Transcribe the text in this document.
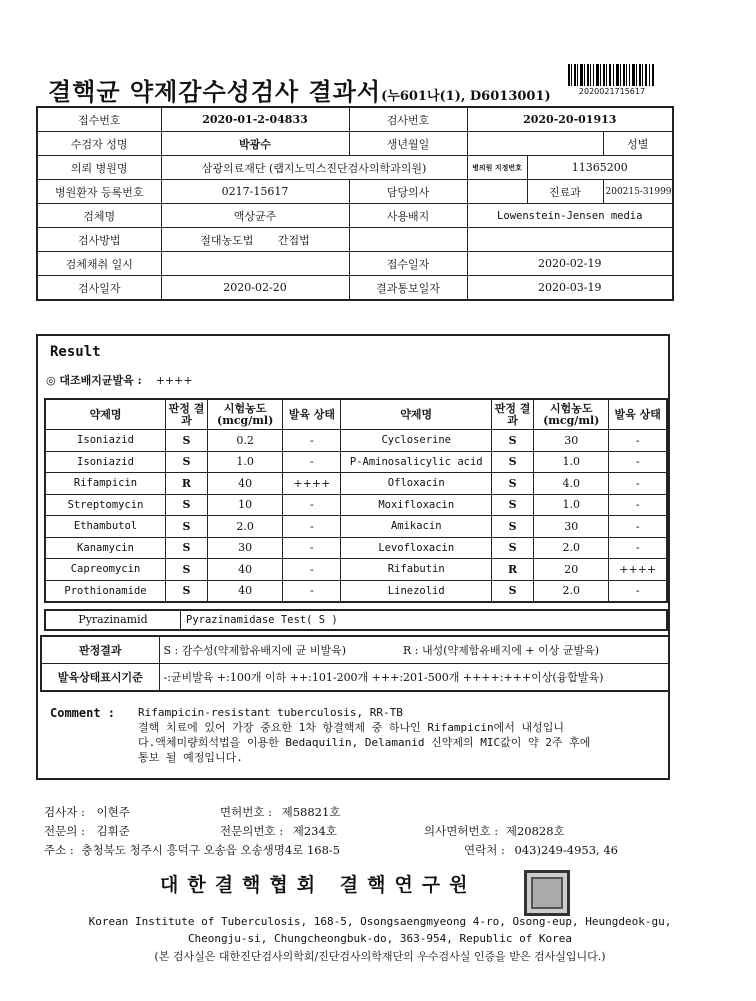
결핵균 약제감수성검사 결과서(누601나(1), D6013001)	2020021715617
접수번호	2020-01-2-04833	검사번호	2020-20-01913		
수검자 성명	박광수	생년월일			성별
의뢰 병원명	삼광의료재단 (랩지노믹스진단검사의학과의원)		병의원 지정번호	11365200	
병원환자 등록번호	0217-15617	담당의사		진료과	200215-31999
검체명	액상균주	사용배지	Lowenstein-Jensen media		
검사방법	절대농도법 간접법				
검체채취 일시		접수일자	2020-02-19		
검사일자	2020-02-20	결과통보일자	2020-03-19		
Result
◎ 대조배지균발육 : ++++
약제명	판정 결과	시험농도 (mcg/ml)	발육 상태	약제명	판정 결과	시험농도 (mcg/ml)	발육 상태
Isoniazid	S	0.2	-	Cycloserine	S	30	-
Isoniazid	S	1.0	-	P-Aminosalicylic acid	S	1.0	-
Rifampicin	R	40	++++	Ofloxacin	S	4.0	-
Streptomycin	S	10	-	Moxifloxacin	S	1.0	-
Ethambutol	S	2.0	-	Amikacin	S	30	-
Kanamycin	S	30	-	Levofloxacin	S	2.0	-
Capreomycin	S	40	-	Rifabutin	R	20	++++
Prothionamide	S	40	-	Linezolid	S	2.0	-
Pyrazinamid	Pyrazinamidase Test( S )
판정결과	S : 감수성(약제함유배지에 균 비발육)	R : 내성(약제함유배지에 + 이상 균발육)
발육상태표시기준	-:균비발육 +:100개 이하 ++:101-200개 +++:201-500개 ++++:+++이상(융합발육)	
Comment : Rifampicin-resistant tuberculosis, RR-TB
결핵 치료에 있어 가장 중요한 1차 항결핵제 중 하나인 Rifampicin에서 내성입니
다.액체미량희석법을 이용한 Bedaquilin, Delamanid 신약제의 MIC값이 약 2주 후에
통보 될 예정입니다.
검사자 : 이현주	면허번호 : 제58821호
전문의 : 김휘준	전문의번호 : 제234호	의사면허번호 : 제20828호
주소 : 충청북도 청주시 흥덕구 오송읍 오송생명4로 168-5	연락처 : 043)249-4953, 46
대한결핵협회 결핵연구원
Korean Institute of Tuberculosis, 168-5, Osongsaengmyeong 4-ro, Osong-eup, Heungdeok-gu,
Cheongju-si, Chungcheongbuk-do, 363-954, Republic of Korea
(본 검사실은 대한진단검사의학회/진단검사의학재단의 우수검사실 인증을 받은 검사실입니다.)
